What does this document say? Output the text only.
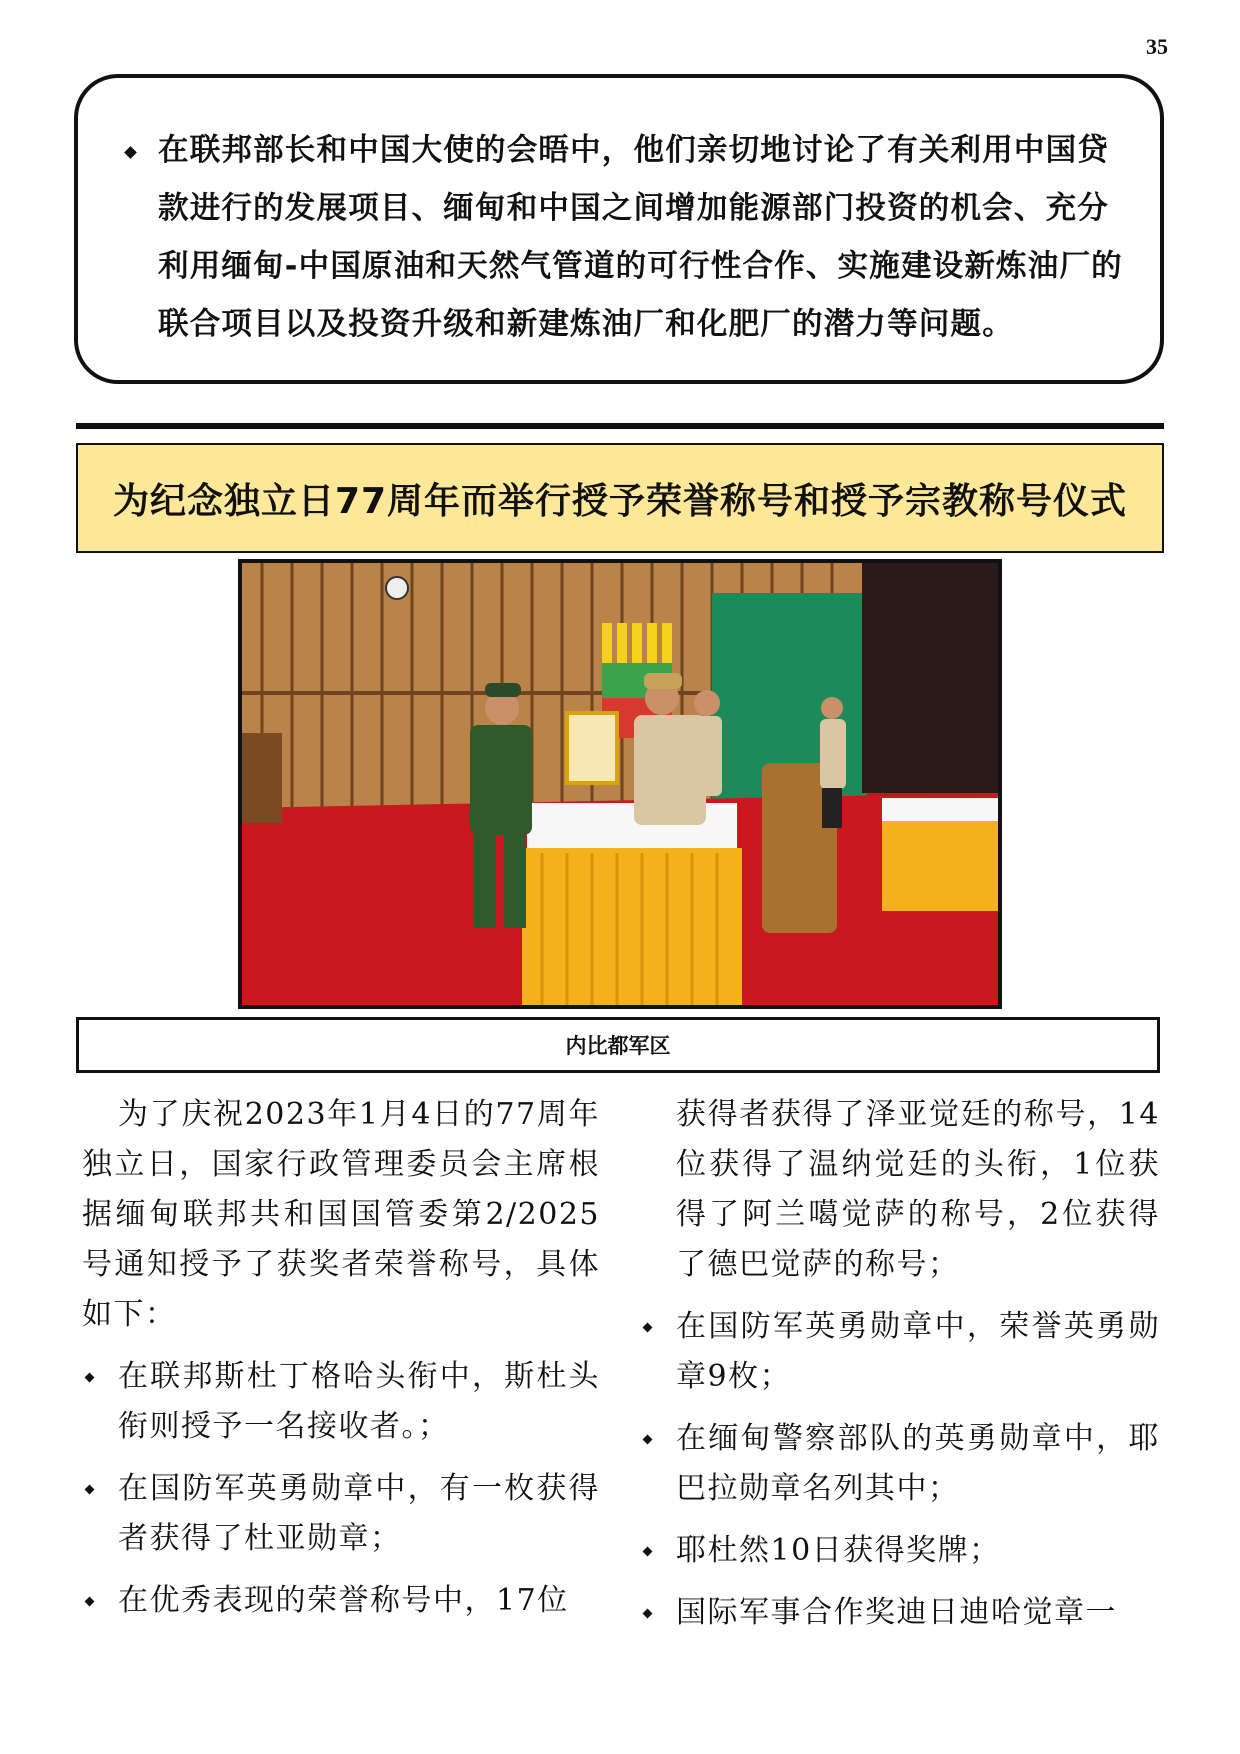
35
在联邦部长和中国大使的会晤中，他们亲切地讨论了有关利用中国贷款进行的发展项目、缅甸和中国之间增加能源部门投资的机会、充分利用缅甸-中国原油和天然气管道的可行性合作、实施建设新炼油厂的联合项目以及投资升级和新建炼油厂和化肥厂的潜力等问题。
为纪念独立日77周年而举行授予荣誉称号和授予宗教称号仪式
内比都军区

为了庆祝2023年1月4日的77周年独立日，国家行政管理委员会主席根据缅甸联邦共和国国管委第2/2025号通知授予了获奖者荣誉称号，具体如下：

在联邦斯杜丁格哈头衔中，斯杜头衔则授予一名接收者。；
在国防军英勇勋章中，有一枚获得者获得了杜亚勋章；
在优秀表现的荣誉称号中，17位

获得者获得了泽亚觉廷的称号，14位获得了温纳觉廷的头衔，1位获得了阿兰噶觉萨的称号，2位获得了德巴觉萨的称号；

在国防军英勇勋章中，荣誉英勇勋章9枚；
在缅甸警察部队的英勇勋章中，耶巴拉勋章名列其中；
耶杜然10日获得奖牌；
国际军事合作奖迪日迪哈觉章一
